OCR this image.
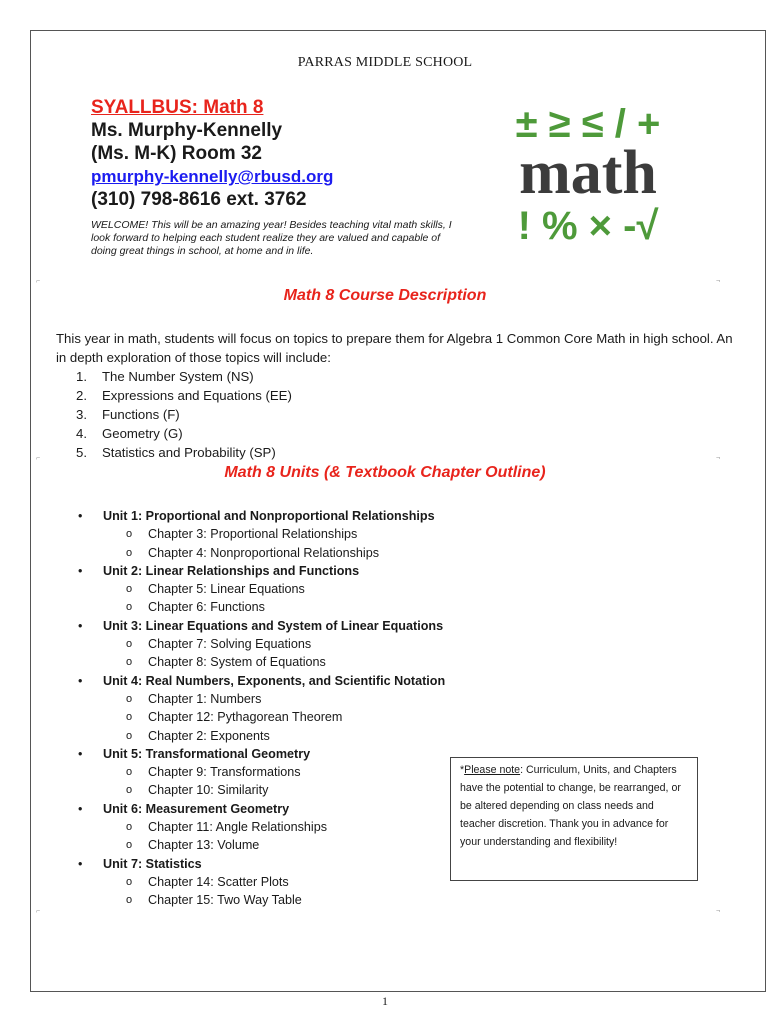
PARRAS MIDDLE SCHOOL
SYALLBUS: Math 8
Ms. Murphy-Kennelly
(Ms. M-K) Room 32
pmurphy-kennelly@rbusd.org
(310) 798-8616 ext. 3762
WELCOME! This will be an amazing year! Besides teaching vital math skills, I look forward to helping each student realize they are valued and capable of doing great things in school, at home and in life.
± ≥ ≤ / +
math
! % × -√
⌐	¬
Math 8 Course Description
This year in math, students will focus on topics to prepare them for Algebra 1 Common Core Math in high school. An in depth exploration of those topics will include:
1. The Number System (NS)
2. Expressions and Equations (EE)
3. Functions (F)
4. Geometry (G)
5. Statistics and Probability (SP)
⌐	¬
Math 8 Units (& Textbook Chapter Outline)
• Unit 1: Proportional and Nonproportional Relationships
o Chapter 3: Proportional Relationships
o Chapter 4: Nonproportional Relationships
• Unit 2: Linear Relationships and Functions
o Chapter 5: Linear Equations
o Chapter 6: Functions
• Unit 3: Linear Equations and System of Linear Equations
o Chapter 7: Solving Equations
o Chapter 8: System of Equations
• Unit 4: Real Numbers, Exponents, and Scientific Notation
o Chapter 1: Numbers
o Chapter 12: Pythagorean Theorem
o Chapter 2: Exponents
• Unit 5: Transformational Geometry
o Chapter 9: Transformations
o Chapter 10: Similarity
• Unit 6: Measurement Geometry
o Chapter 11: Angle Relationships
o Chapter 13: Volume
• Unit 7: Statistics
o Chapter 14: Scatter Plots
o Chapter 15: Two Way Table
*Please note: Curriculum, Units, and Chapters have the potential to change, be rearranged, or be altered depending on class needs and teacher discretion. Thank you in advance for your understanding and flexibility!
⌐	¬
1
